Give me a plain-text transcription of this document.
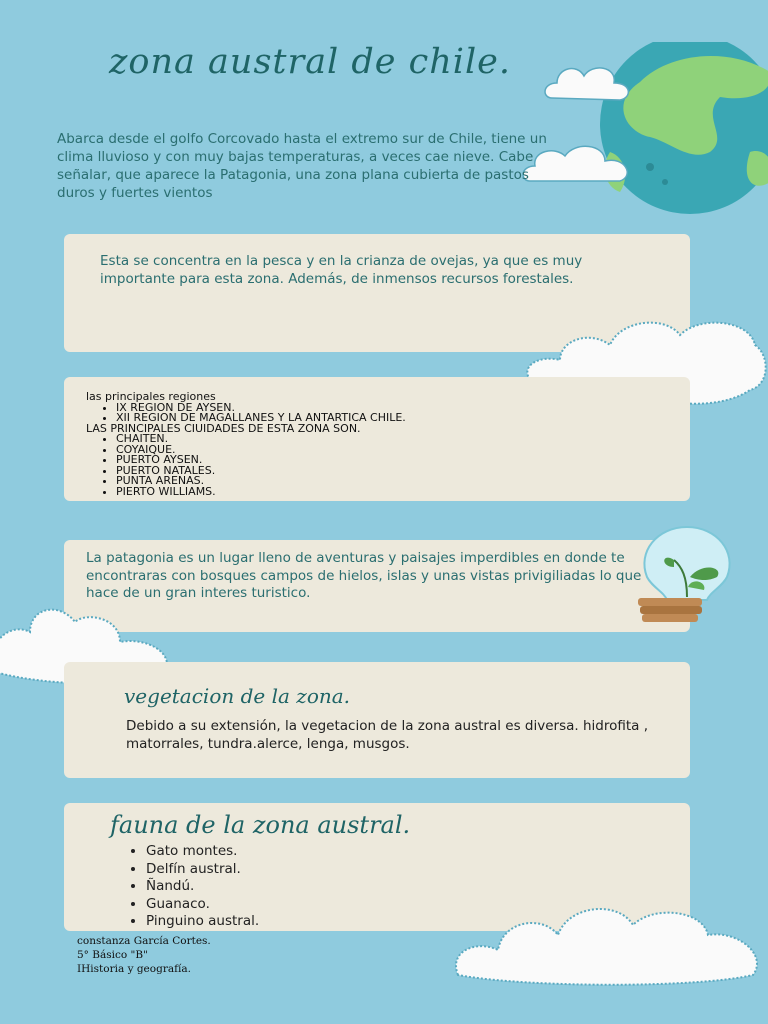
zona austral de chile.
Abarca desde el golfo Corcovado hasta el extremo sur de Chile, tiene un clima lluvioso y con muy bajas temperaturas, a veces cae nieve. Cabe señalar, que aparece la Patagonia, una zona plana cubierta de pastos duros y fuertes vientos
Esta se concentra en la pesca y en la crianza de ovejas, ya que es muy importante para esta zona. Además, de inmensos recursos forestales.
las principales regiones
• IX REGION DE AYSEN.
• XII REGION DE MAGALLANES Y LA ANTARTICA CHILE.
LAS PRINCIPALES CIUIDADES DE ESTA ZONA SON.
• CHAITEN.
• COYAIQUE.
• PUERTO AYSEN.
• PUERTO NATALES.
• PUNTA ARENAS.
• PIERTO WILLIAMS.
La patagonia es un lugar lleno de aventuras y paisajes imperdibles en donde te encontraras con bosques campos de hielos, islas y unas vistas privigiliadas lo que hace de un gran interes turistico.
vegetacion de la zona.
Debido a su extensión, la vegetacion de la zona austral es diversa. hidrofita , matorrales, tundra.alerce, lenga, musgos.
fauna de la zona austral.
• Gato montes.
• Delfín austral.
• Ñandú.
• Guanaco.
• Pinguino austral.
constanza García Cortes.
5° Básico "B"
IHistoria y geografía.
